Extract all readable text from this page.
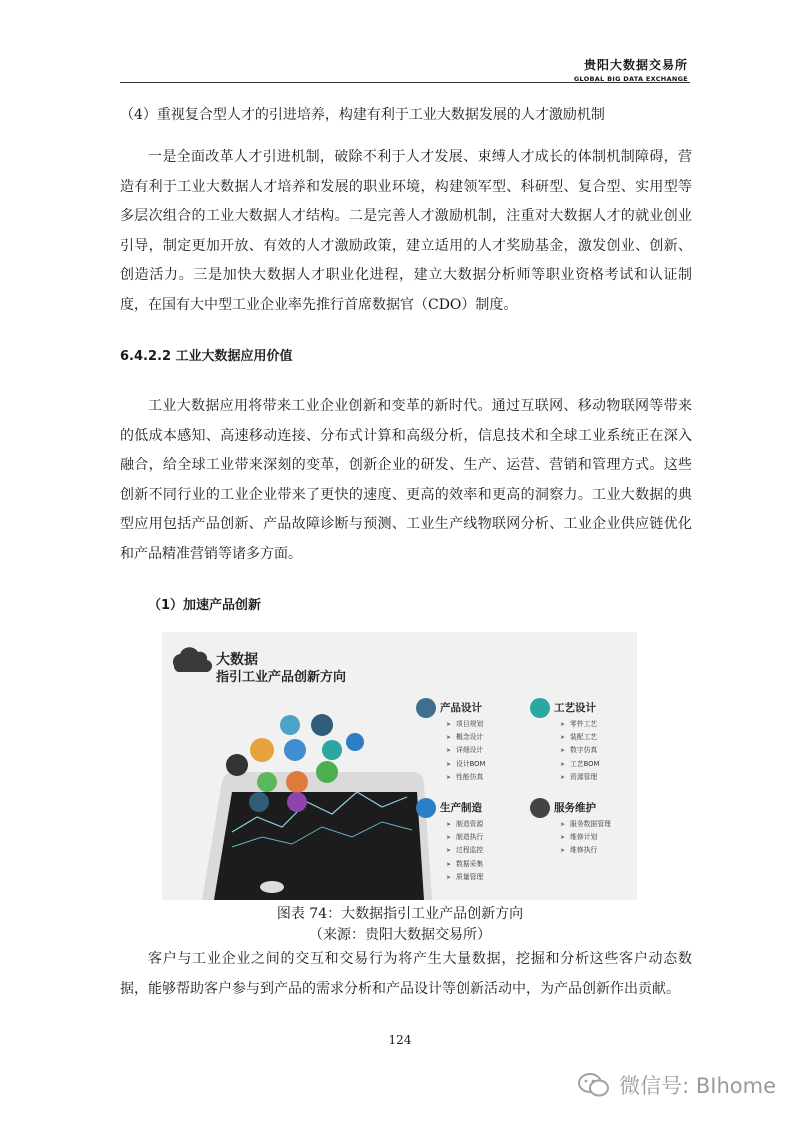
贵阳大数据交易所
GLOBAL BIG DATA EXCHANGE
（4）重视复合型人才的引进培养，构建有利于工业大数据发展的人才激励机制
一是全面改革人才引进机制，破除不利于人才发展、束缚人才成长的体制机制障碍，营造有利于工业大数据人才培养和发展的职业环境，构建领军型、科研型、复合型、实用型等多层次组合的工业大数据人才结构。二是完善人才激励机制，注重对大数据人才的就业创业引导，制定更加开放、有效的人才激励政策，建立适用的人才奖励基金，激发创业、创新、创造活力。三是加快大数据人才职业化进程，建立大数据分析师等职业资格考试和认证制度，在国有大中型工业企业率先推行首席数据官（CDO）制度。
6.4.2.2 工业大数据应用价值
工业大数据应用将带来工业企业创新和变革的新时代。通过互联网、移动物联网等带来的低成本感知、高速移动连接、分布式计算和高级分析，信息技术和全球工业系统正在深入融合，给全球工业带来深刻的变革，创新企业的研发、生产、运营、营销和管理方式。这些创新不同行业的工业企业带来了更快的速度、更高的效率和更高的洞察力。工业大数据的典型应用包括产品创新、产品故障诊断与预测、工业生产线物联网分析、工业企业供应链优化和产品精准营销等诸多方面。
（1）加速产品创新
大数据
指引工业产品创新方向
产品设计
➤ 项目规划
➤ 概念设计
➤ 详细设计
➤ 设计BOM
➤ 性能仿真
工艺设计
➤ 零件工艺
➤ 装配工艺
➤ 数字仿真
➤ 工艺BOM
➤ 资源管理
生产制造
➤ 制造资源
➤ 制造执行
➤ 过程监控
➤ 数据采集
➤ 质量管理
服务维护
➤ 服务数据管理
➤ 维修计划
➤ 维修执行
图表 74：大数据指引工业产品创新方向
（来源：贵阳大数据交易所）
客户与工业企业之间的交互和交易行为将产生大量数据，挖掘和分析这些客户动态数据，能够帮助客户参与到产品的需求分析和产品设计等创新活动中，为产品创新作出贡献。
124
微信号: BIhome
